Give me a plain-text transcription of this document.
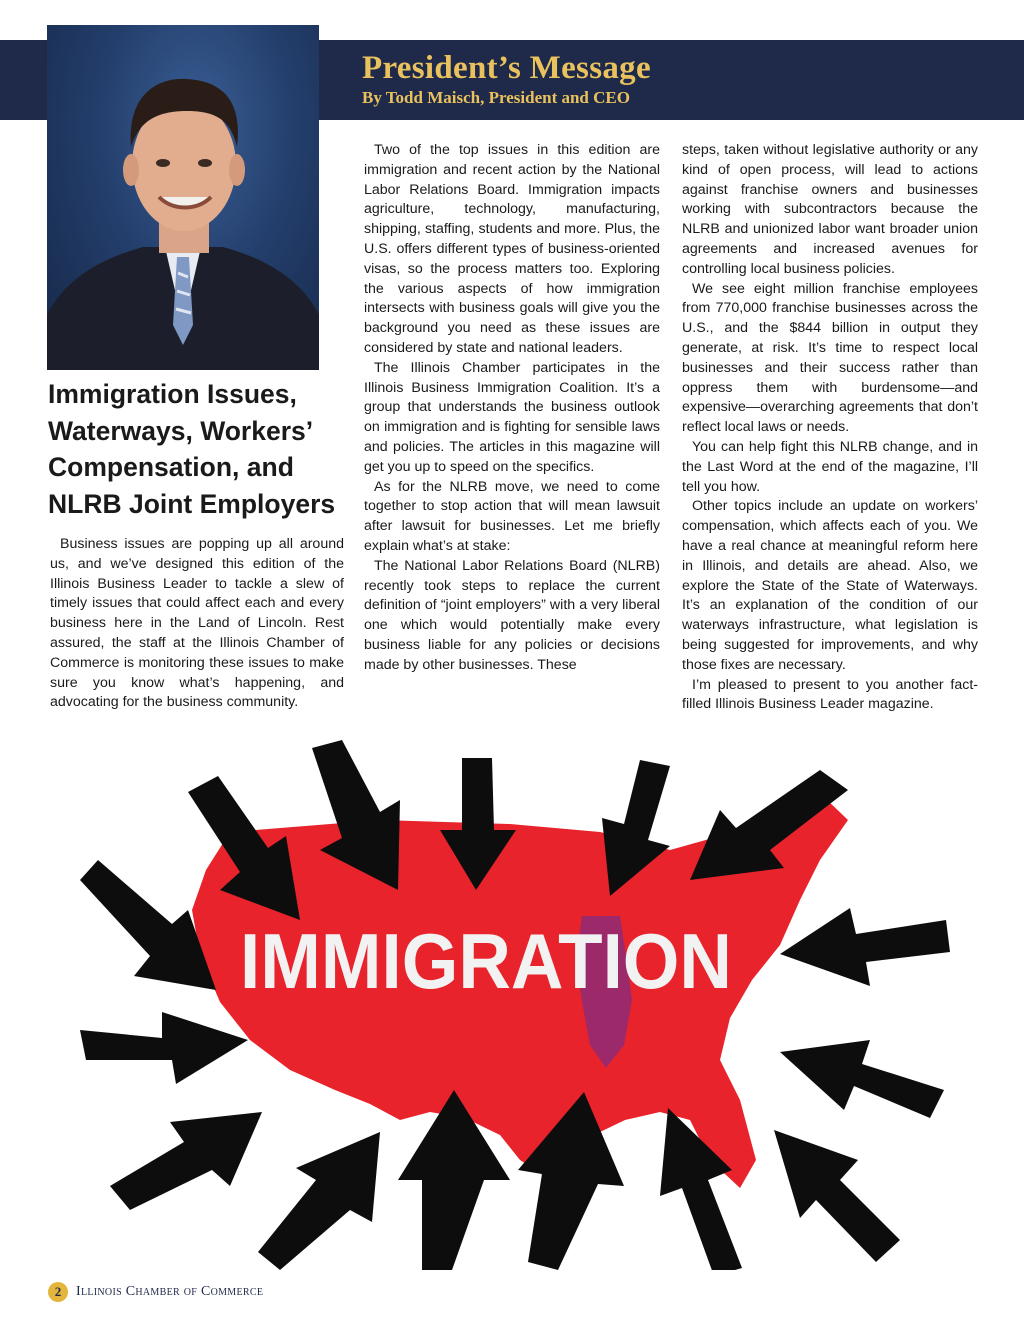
President’s Message
By Todd Maisch, President and CEO
Immigration Issues,
Waterways, Workers’
Compensation, and
NLRB Joint Employers

Business issues are popping up all around us, and we’ve designed this edition of the Illinois Business Leader to tackle a slew of timely issues that could affect each and every business here in the Land of Lincoln. Rest assured, the staff at the Illinois Chamber of Commerce is monitoring these issues to make sure you know what’s happening, and advocating for the business community.

Two of the top issues in this edition are immigration and recent action by the National Labor Relations Board. Immigration impacts agriculture, technology, manufacturing, shipping, staffing, students and more. Plus, the U.S. offers different types of business-oriented visas, so the process matters too. Exploring the various aspects of how immigration intersects with business goals will give you the background you need as these issues are considered by state and national leaders.

The Illinois Chamber participates in the Illinois Business Immigration Coalition. It’s a group that understands the business outlook on immigration and is fighting for sensible laws and policies. The articles in this magazine will get you up to speed on the specifics.

As for the NLRB move, we need to come together to stop action that will mean lawsuit after lawsuit for businesses. Let me briefly explain what’s at stake:

The National Labor Relations Board (NLRB) recently took steps to replace the current definition of “joint employers” with a very liberal one which would potentially make every business liable for any policies or decisions made by other businesses. These

steps, taken without legislative authority or any kind of open process, will lead to actions against franchise owners and businesses working with subcontractors because the NLRB and unionized labor want broader union agreements and increased avenues for controlling local business policies.

We see eight million franchise employees from 770,000 franchise businesses across the U.S., and the $844 billion in output they generate, at risk. It’s time to respect local businesses and their success rather than oppress them with burdensome—and expensive—overarching agreements that don’t reflect local laws or needs.

You can help fight this NLRB change, and in the Last Word at the end of the magazine, I’ll tell you how.

Other topics include an update on workers’ compensation, which affects each of you. We have a real chance at meaningful reform here in Illinois, and details are ahead. Also, we explore the State of the State of Waterways. It’s an explanation of the condition of our waterways infrastructure, what legislation is being suggested for improvements, and why those fixes are necessary.

I’m pleased to present to you another fact-filled Illinois Business Leader magazine.

IMMIGRATION
2	Illinois Chamber of Commerce
